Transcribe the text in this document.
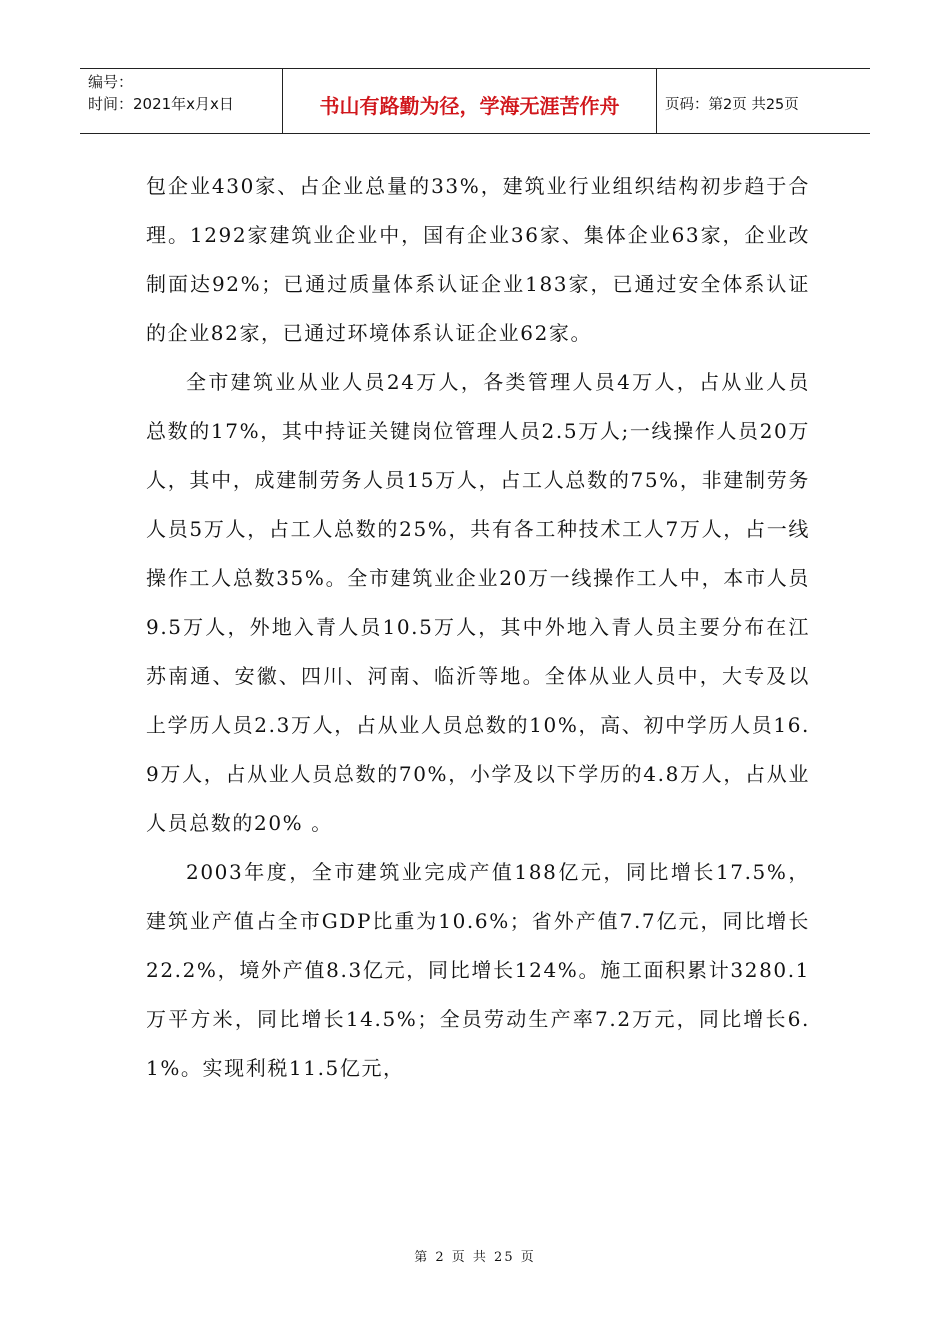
编号：
时间：2021年x月x日	书山有路勤为径，学海无涯苦作舟	页码：第2页 共25页

包企业430家、占企业总量的33%，建筑业行业组织结构初步趋于合理。1292家建筑业企业中，国有企业36家、集体企业63家，企业改制面达92%；已通过质量体系认证企业183家，已通过安全体系认证的企业82家，已通过环境体系认证企业62家。

全市建筑业从业人员24万人，各类管理人员4万人，占从业人员总数的17%，其中持证关键岗位管理人员2.5万人;一线操作人员20万人，其中，成建制劳务人员15万人，占工人总数的75%，非建制劳务人员5万人，占工人总数的25%，共有各工种技术工人7万人，占一线操作工人总数35%。全市建筑业企业20万一线操作工人中，本市人员9.5万人，外地入青人员10.5万人，其中外地入青人员主要分布在江苏南通、安徽、四川、河南、临沂等地。全体从业人员中，大专及以上学历人员2.3万人，占从业人员总数的10%，高、初中学历人员16.9万人，占从业人员总数的70%，小学及以下学历的4.8万人，占从业人员总数的20% 。

2003年度，全市建筑业完成产值188亿元，同比增长17.5%，建筑业产值占全市GDP比重为10.6%；省外产值7.7亿元，同比增长22.2%，境外产值8.3亿元，同比增长124%。施工面积累计3280.1万平方米，同比增长14.5%；全员劳动生产率7.2万元，同比增长6.1%。实现利税11.5亿元，

第 2 页 共 25 页
